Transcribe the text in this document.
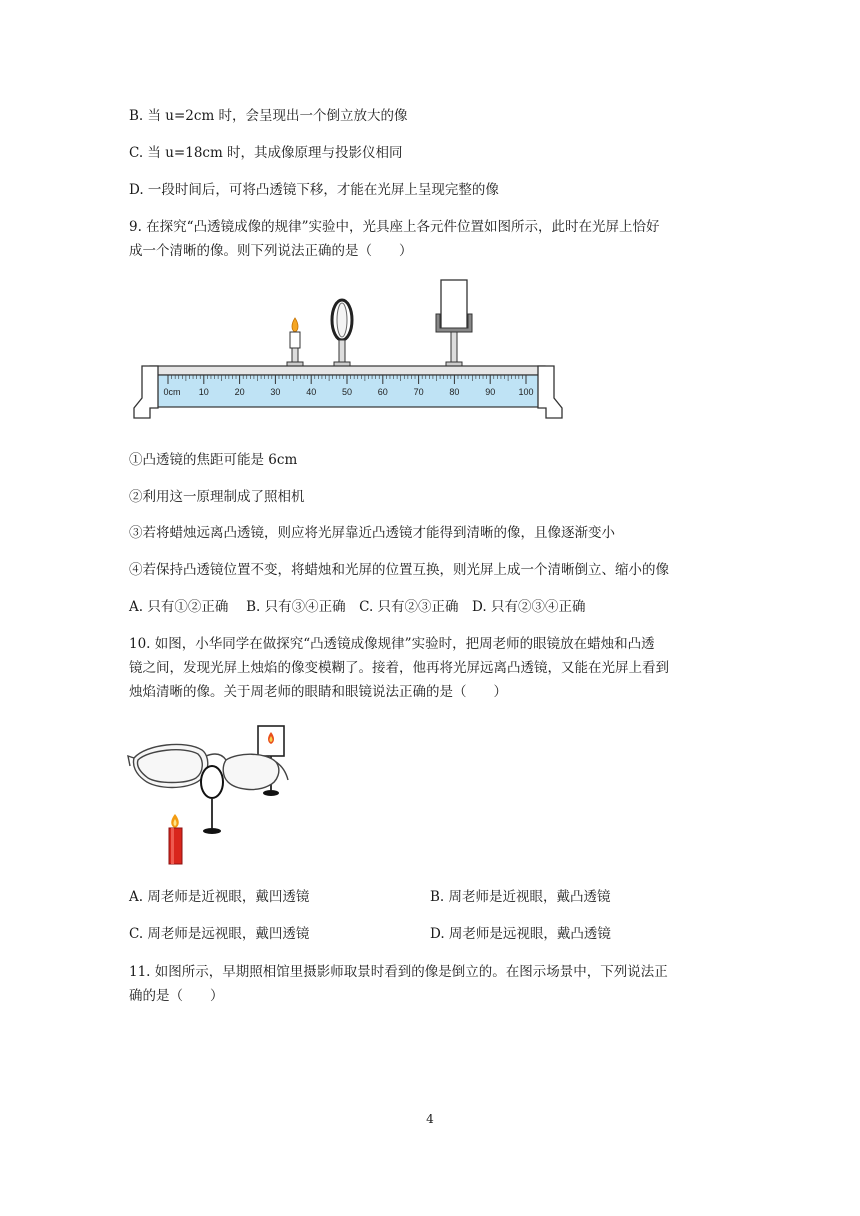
B. 当 u=2cm 时，会呈现出一个倒立放大的像
C. 当 u=18cm 时，其成像原理与投影仪相同
D. 一段时间后，可将凸透镜下移，才能在光屏上呈现完整的像
9. 在探究“凸透镜成像的规律”实验中，光具座上各元件位置如图所示，此时在光屏上恰好
成一个清晰的像。则下列说法正确的是（　　）
0cm 10	20	30	40	50	60	70	80	90	100
①凸透镜的焦距可能是 6cm
②利用这一原理制成了照相机
③若将蜡烛远离凸透镜，则应将光屏靠近凸透镜才能得到清晰的像，且像逐渐变小
④若保持凸透镜位置不变，将蜡烛和光屏的位置互换，则光屏上成一个清晰倒立、缩小的像
A. 只有①②正确　 B. 只有③④正确　C. 只有②③正确　D. 只有②③④正确
10. 如图，小华同学在做探究“凸透镜成像规律”实验时，把周老师的眼镜放在蜡烛和凸透
镜之间，发现光屏上烛焰的像变模糊了。接着，他再将光屏远离凸透镜，又能在光屏上看到
烛焰清晰的像。关于周老师的眼睛和眼镜说法正确的是（　　）
A. 周老师是近视眼，戴凹透镜	B. 周老师是近视眼，戴凸透镜
C. 周老师是远视眼，戴凹透镜	D. 周老师是远视眼，戴凸透镜
11. 如图所示，早期照相馆里摄影师取景时看到的像是倒立的。在图示场景中，下列说法正
确的是（　　）
4
